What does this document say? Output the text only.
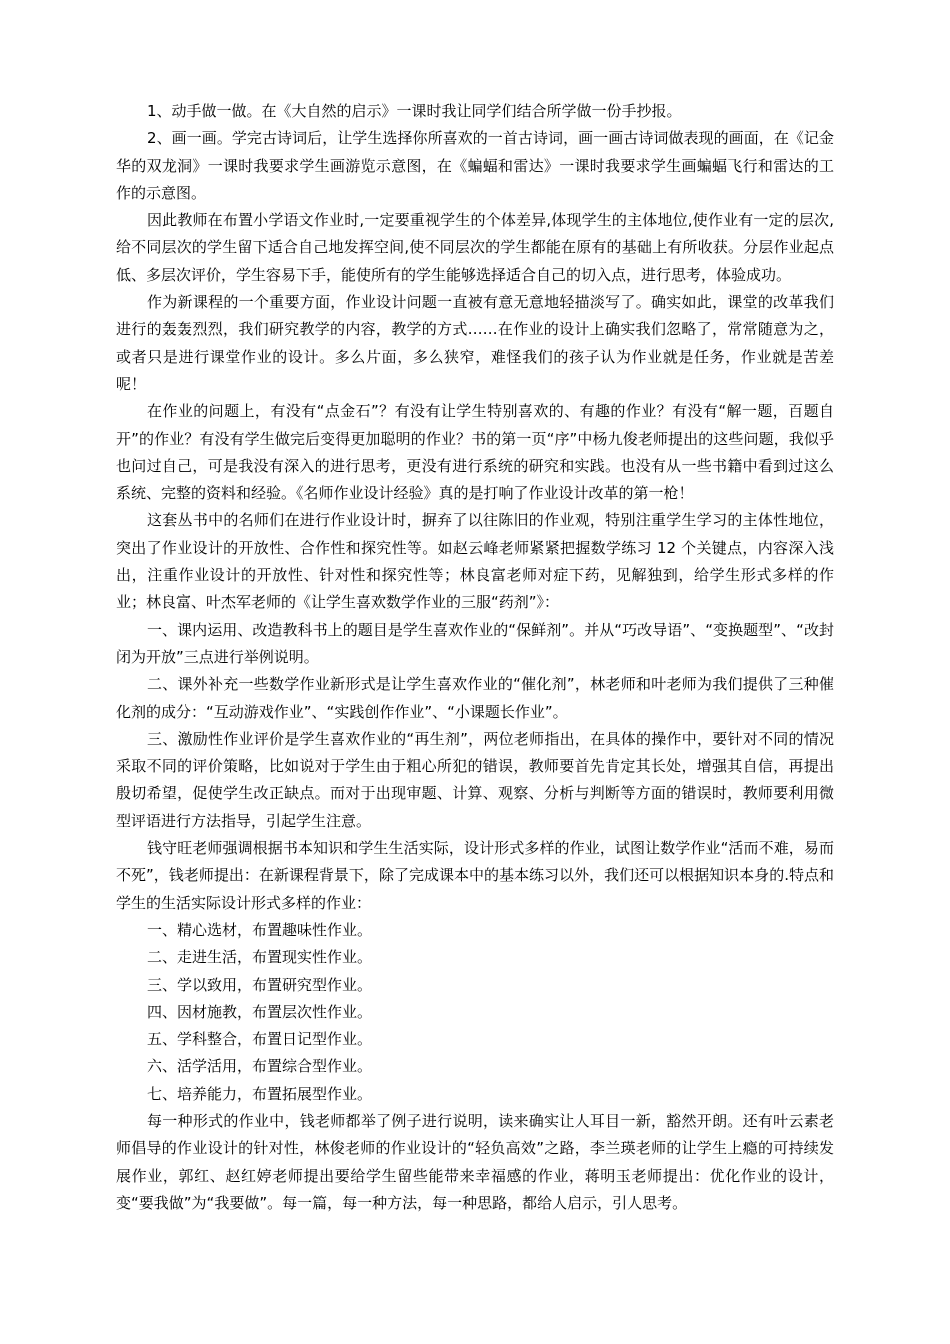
1、动手做一做。在《大自然的启示》一课时我让同学们结合所学做一份手抄报。

2、画一画。学完古诗词后，让学生选择你所喜欢的一首古诗词，画一画古诗词做表现的画面，在《记金华的双龙洞》一课时我要求学生画游览示意图，在《蝙蝠和雷达》一课时我要求学生画蝙蝠飞行和雷达的工作的示意图。

因此教师在布置小学语文作业时,一定要重视学生的个体差异,体现学生的主体地位,使作业有一定的层次,给不同层次的学生留下适合自己地发挥空间,使不同层次的学生都能在原有的基础上有所收获。分层作业起点低、多层次评价，学生容易下手，能使所有的学生能够选择适合自己的切入点，进行思考，体验成功。

作为新课程的一个重要方面，作业设计问题一直被有意无意地轻描淡写了。确实如此，课堂的改革我们进行的轰轰烈烈，我们研究教学的内容，教学的方式……在作业的设计上确实我们忽略了，常常随意为之，或者只是进行课堂作业的设计。多么片面，多么狭窄，难怪我们的孩子认为作业就是任务，作业就是苦差呢！

在作业的问题上，有没有“点金石”？有没有让学生特别喜欢的、有趣的作业？有没有“解一题，百题自开”的作业？有没有学生做完后变得更加聪明的作业？书的第一页“序”中杨九俊老师提出的这些问题，我似乎也问过自己，可是我没有深入的进行思考，更没有进行系统的研究和实践。也没有从一些书籍中看到过这么系统、完整的资料和经验。《名师作业设计经验》真的是打响了作业设计改革的第一枪！

这套丛书中的名师们在进行作业设计时，摒弃了以往陈旧的作业观，特别注重学生学习的主体性地位，突出了作业设计的开放性、合作性和探究性等。如赵云峰老师紧紧把握数学练习 12 个关键点，内容深入浅出，注重作业设计的开放性、针对性和探究性等；林良富老师对症下药，见解独到，给学生形式多样的作业；林良富、叶杰军老师的《让学生喜欢数学作业的三服“药剂”》：

一、课内运用、改造教科书上的题目是学生喜欢作业的“保鲜剂”。并从“巧改导语”、“变换题型”、“改封闭为开放”三点进行举例说明。

二、课外补充一些数学作业新形式是让学生喜欢作业的“催化剂”，林老师和叶老师为我们提供了三种催化剂的成分：“互动游戏作业”、“实践创作作业”、“小课题长作业”。

三、激励性作业评价是学生喜欢作业的“再生剂”，两位老师指出，在具体的操作中，要针对不同的情况采取不同的评价策略，比如说对于学生由于粗心所犯的错误，教师要首先肯定其长处，增强其自信，再提出殷切希望，促使学生改正缺点。而对于出现审题、计算、观察、分析与判断等方面的错误时，教师要利用微型评语进行方法指导，引起学生注意。

钱守旺老师强调根据书本知识和学生生活实际，设计形式多样的作业，试图让数学作业“活而不难，易而不死”，钱老师提出：在新课程背景下，除了完成课本中的基本练习以外，我们还可以根据知识本身的.特点和学生的生活实际设计形式多样的作业：

一、精心选材，布置趣味性作业。

二、走进生活，布置现实性作业。

三、学以致用，布置研究型作业。

四、因材施教，布置层次性作业。

五、学科整合，布置日记型作业。

六、活学活用，布置综合型作业。

七、培养能力，布置拓展型作业。

每一种形式的作业中，钱老师都举了例子进行说明，读来确实让人耳目一新，豁然开朗。还有叶云素老师倡导的作业设计的针对性，林俊老师的作业设计的“轻负高效”之路，李兰瑛老师的让学生上瘾的可持续发展作业，郭红、赵红婷老师提出要给学生留些能带来幸福感的作业，蒋明玉老师提出：优化作业的设计，变“要我做”为“我要做”。每一篇，每一种方法，每一种思路，都给人启示，引人思考。
